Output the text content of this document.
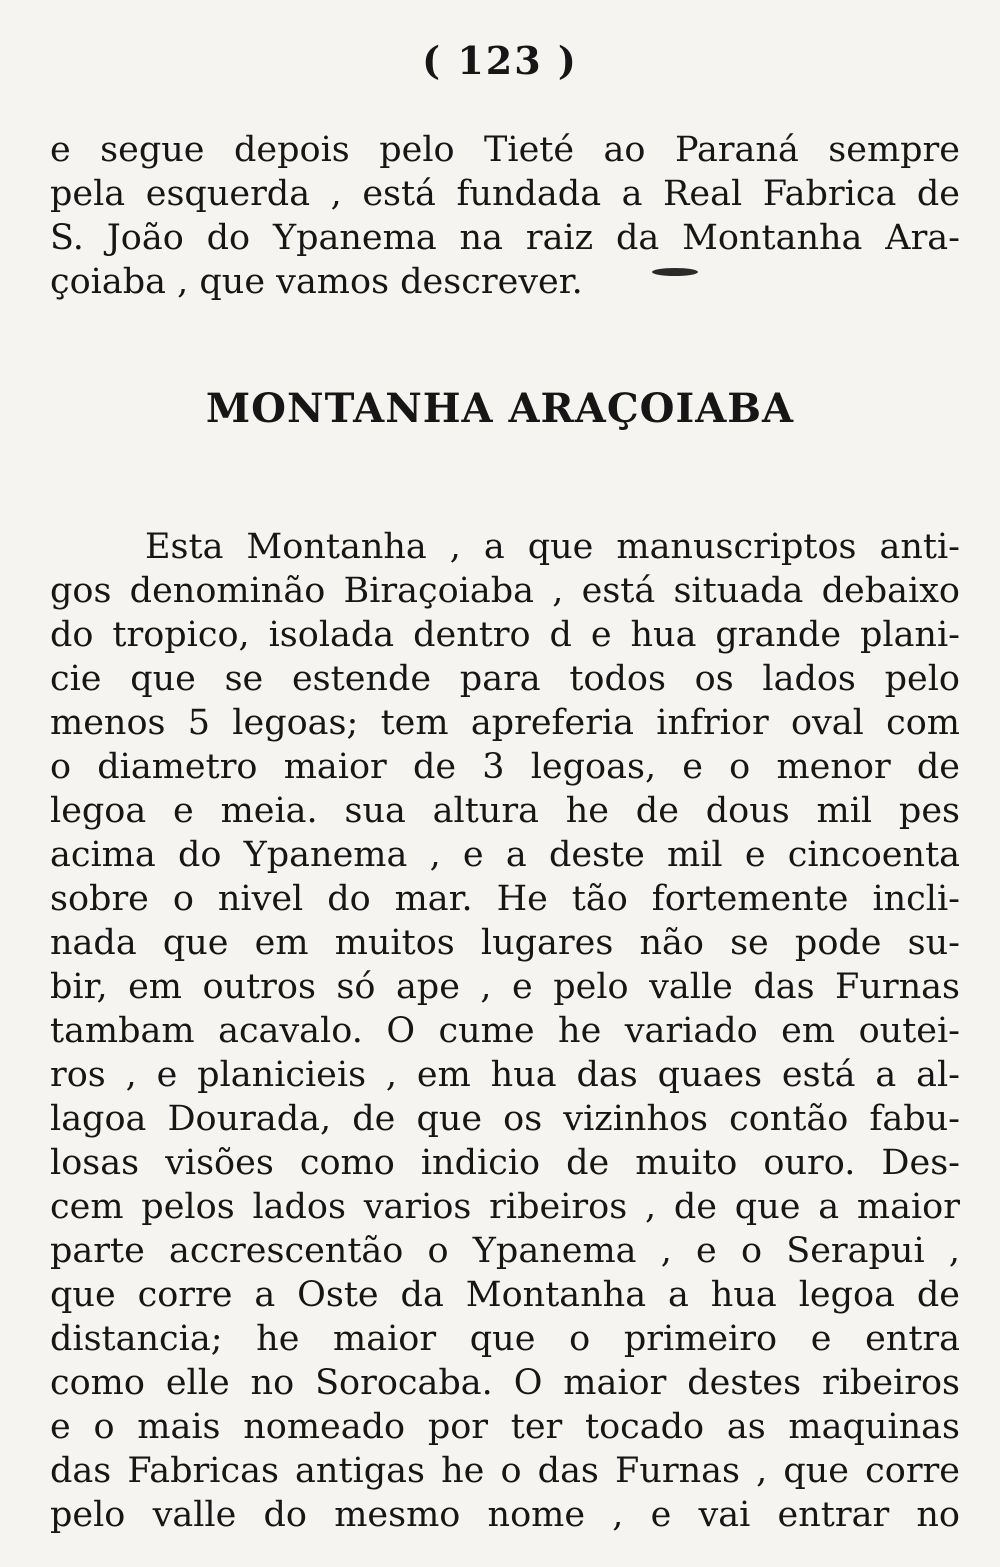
( 123 )
e segue depois pelo Tieté ao Paraná sempre
pela esquerda , está fundada a Real Fabrica de
S. João do Ypanema na raiz da Montanha Ara-
çoiaba , que vamos descrever.
MONTANHA ARAÇOIABA
Esta Montanha , a que manuscriptos anti-
gos denominão Biraçoiaba , está situada debaixo
do tropico, isolada dentro d e hua grande plani-
cie que se estende para todos os lados pelo
menos 5 legoas; tem apreferia infrior oval com
o diametro maior de 3 legoas, e o menor de
legoa e meia. sua altura he de dous mil pes
acima do Ypanema , e a deste mil e cincoenta
sobre o nivel do mar. He tão fortemente incli-
nada que em muitos lugares não se pode su-
bir, em outros só ape , e pelo valle das Furnas
tambam acavalo. O cume he variado em outei-
ros , e planicieis , em hua das quaes está a al-
lagoa Dourada, de que os vizinhos contão fabu-
losas visões como indicio de muito ouro. Des-
cem pelos lados varios ribeiros , de que a maior
parte accrescentão o Ypanema , e o Serapui ,
que corre a Oste da Montanha a hua legoa de
distancia; he maior que o primeiro e entra
como elle no Sorocaba. O maior destes ribeiros
e o mais nomeado por ter tocado as maquinas
das Fabricas antigas he o das Furnas , que corre
pelo valle do mesmo nome , e vai entrar no
